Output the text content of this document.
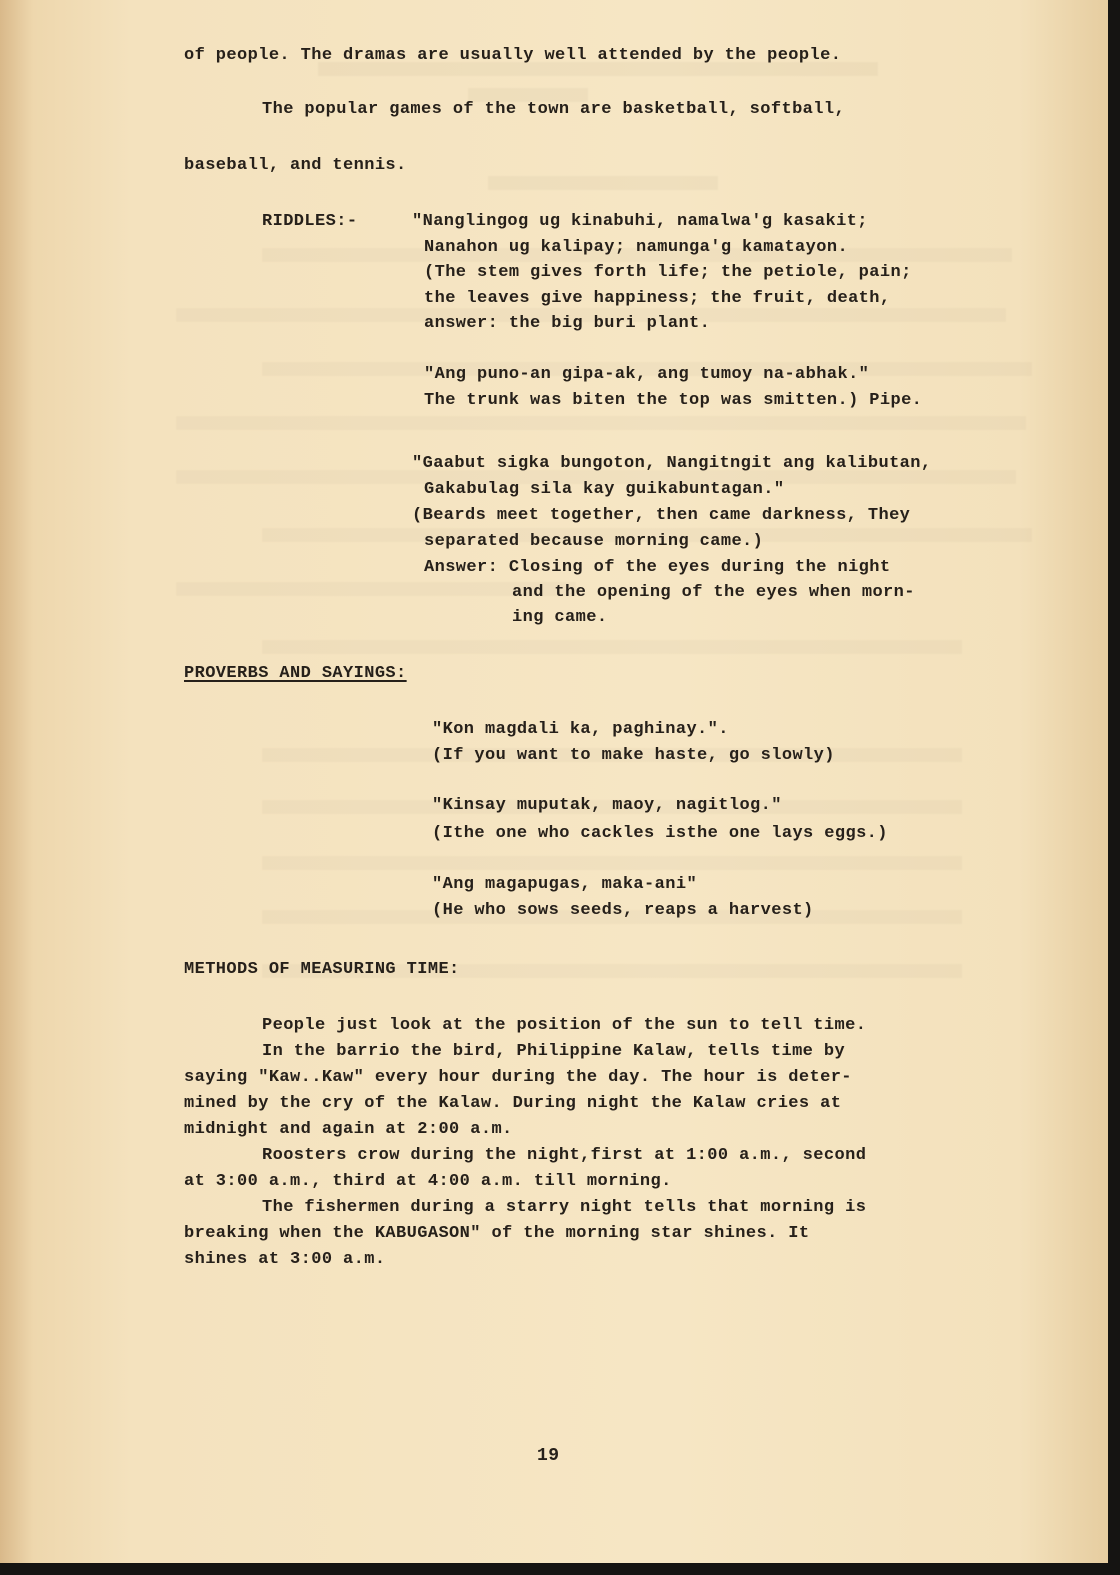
of people. The dramas are usually well attended by the people.
The popular games of the town are basketball, softball,
baseball, and tennis.
RIDDLES:-	"Nanglingog ug kinabuhi, namalwa'g kasakit;
Nanahon ug kalipay; namunga'g kamatayon.
(The stem gives forth life; the petiole, pain;
the leaves give happiness; the fruit, death,
answer: the big buri plant.
"Ang puno-an gipa-ak, ang tumoy na-abhak."
The trunk was biten the top was smitten.) Pipe.
"Gaabut sigka bungoton, Nangitngit ang kalibutan,
Gakabulag sila kay guikabuntagan."
(Beards meet together, then came darkness, They
separated because morning came.)
Answer: Closing of the eyes during the night
and the opening of the eyes when morn-
ing came.
PROVERBS AND SAYINGS:
"Kon magdali ka, paghinay.".
(If you want to make haste, go slowly)
"Kinsay muputak, maoy, nagitlog."
(Ithe one who cackles isthe one lays eggs.)
"Ang magapugas, maka-ani"
(He who sows seeds, reaps a harvest)
METHODS OF MEASURING TIME:
People just look at the position of the sun to tell time.
In the barrio the bird, Philippine Kalaw, tells time by
saying "Kaw..Kaw" every hour during the day. The hour is deter-
mined by the cry of the Kalaw. During night the Kalaw cries at
midnight and again at 2:00 a.m.
Roosters crow during the night,first at 1:00 a.m., second
at 3:00 a.m., third at 4:00 a.m. till morning.
The fishermen during a starry night tells that morning is
breaking when the KABUGASON" of the morning star shines. It
shines at 3:00 a.m.
19
